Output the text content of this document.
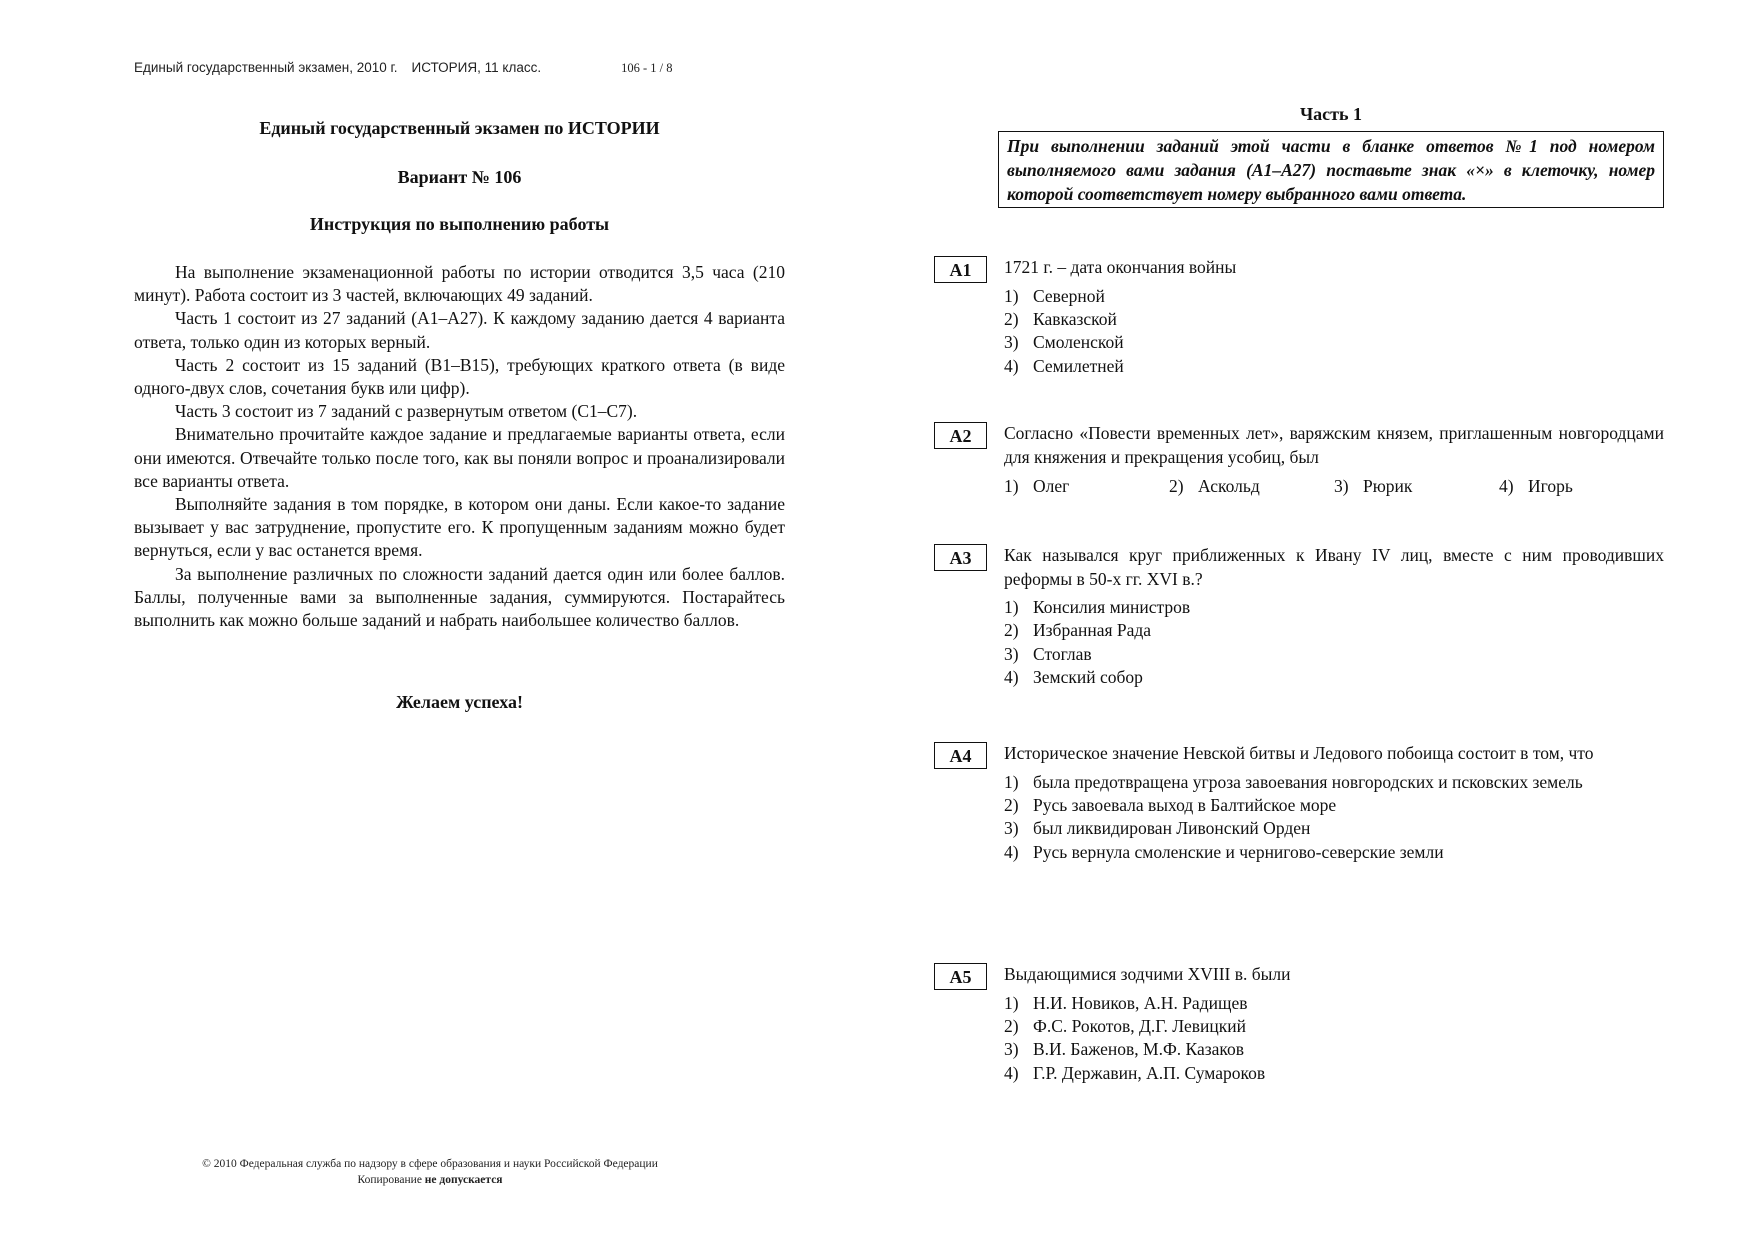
Единый государственный экзамен, 2010 г. ИСТОРИЯ, 11 класс.	106 - 1 / 8
Единый государственный экзамен по ИСТОРИИ
Вариант № 106
Инструкция по выполнению работы

На выполнение экзаменационной работы по истории отводится 3,5 часа (210 минут). Работа состоит из 3 частей, включающих 49 заданий.

Часть 1 состоит из 27 заданий (А1–А27). К каждому заданию дается 4 варианта ответа, только один из которых верный.

Часть 2 состоит из 15 заданий (В1–В15), требующих краткого ответа (в виде одного-двух слов, сочетания букв или цифр).

Часть 3 состоит из 7 заданий с развернутым ответом (С1–С7).

Внимательно прочитайте каждое задание и предлагаемые варианты ответа, если они имеются. Отвечайте только после того, как вы поняли вопрос и проанализировали все варианты ответа.

Выполняйте задания в том порядке, в котором они даны. Если какое-то задание вызывает у вас затруднение, пропустите его. К пропущенным заданиям можно будет вернуться, если у вас останется время.

За выполнение различных по сложности заданий дается один или более баллов. Баллы, полученные вами за выполненные задания, суммируются. Постарайтесь выполнить как можно больше заданий и набрать наибольшее количество баллов.

Желаем успеха!
© 2010 Федеральная служба по надзору в сфере образования и науки Российской Федерации
Копирование не допускается
Часть 1
При выполнении заданий этой части в бланке ответов №1 под номером выполняемого вами задания (А1–А27) поставьте знак «×» в клеточку, номер которой соответствует номеру выбранного вами ответа.
A1	1721 г. – дата окончания войны
1) Северной
2) Кавказской
3) Смоленской
4) Семилетней
A2	Согласно «Повести временных лет», варяжским князем, приглашенным новгородцами для княжения и прекращения усобиц, был
1) Олег	2) Аскольд	3) Рюрик	4) Игорь
A3	Как назывался круг приближенных к Ивану IV лиц, вместе с ним проводивших реформы в 50-х гг. XVI в.?
1) Консилия министров
2) Избранная Рада
3) Стоглав
4) Земский собор
A4	Историческое значение Невской битвы и Ледового побоища состоит в том, что
1) была предотвращена угроза завоевания новгородских и псковских земель
2) Русь завоевала выход в Балтийское море
3) был ликвидирован Ливонский Орден
4) Русь вернула смоленские и чернигово-северские земли
A5	Выдающимися зодчими XVIII в. были
1) Н.И. Новиков, А.Н. Радищев
2) Ф.С. Рокотов, Д.Г. Левицкий
3) В.И. Баженов, М.Ф. Казаков
4) Г.Р. Державин, А.П. Сумароков
